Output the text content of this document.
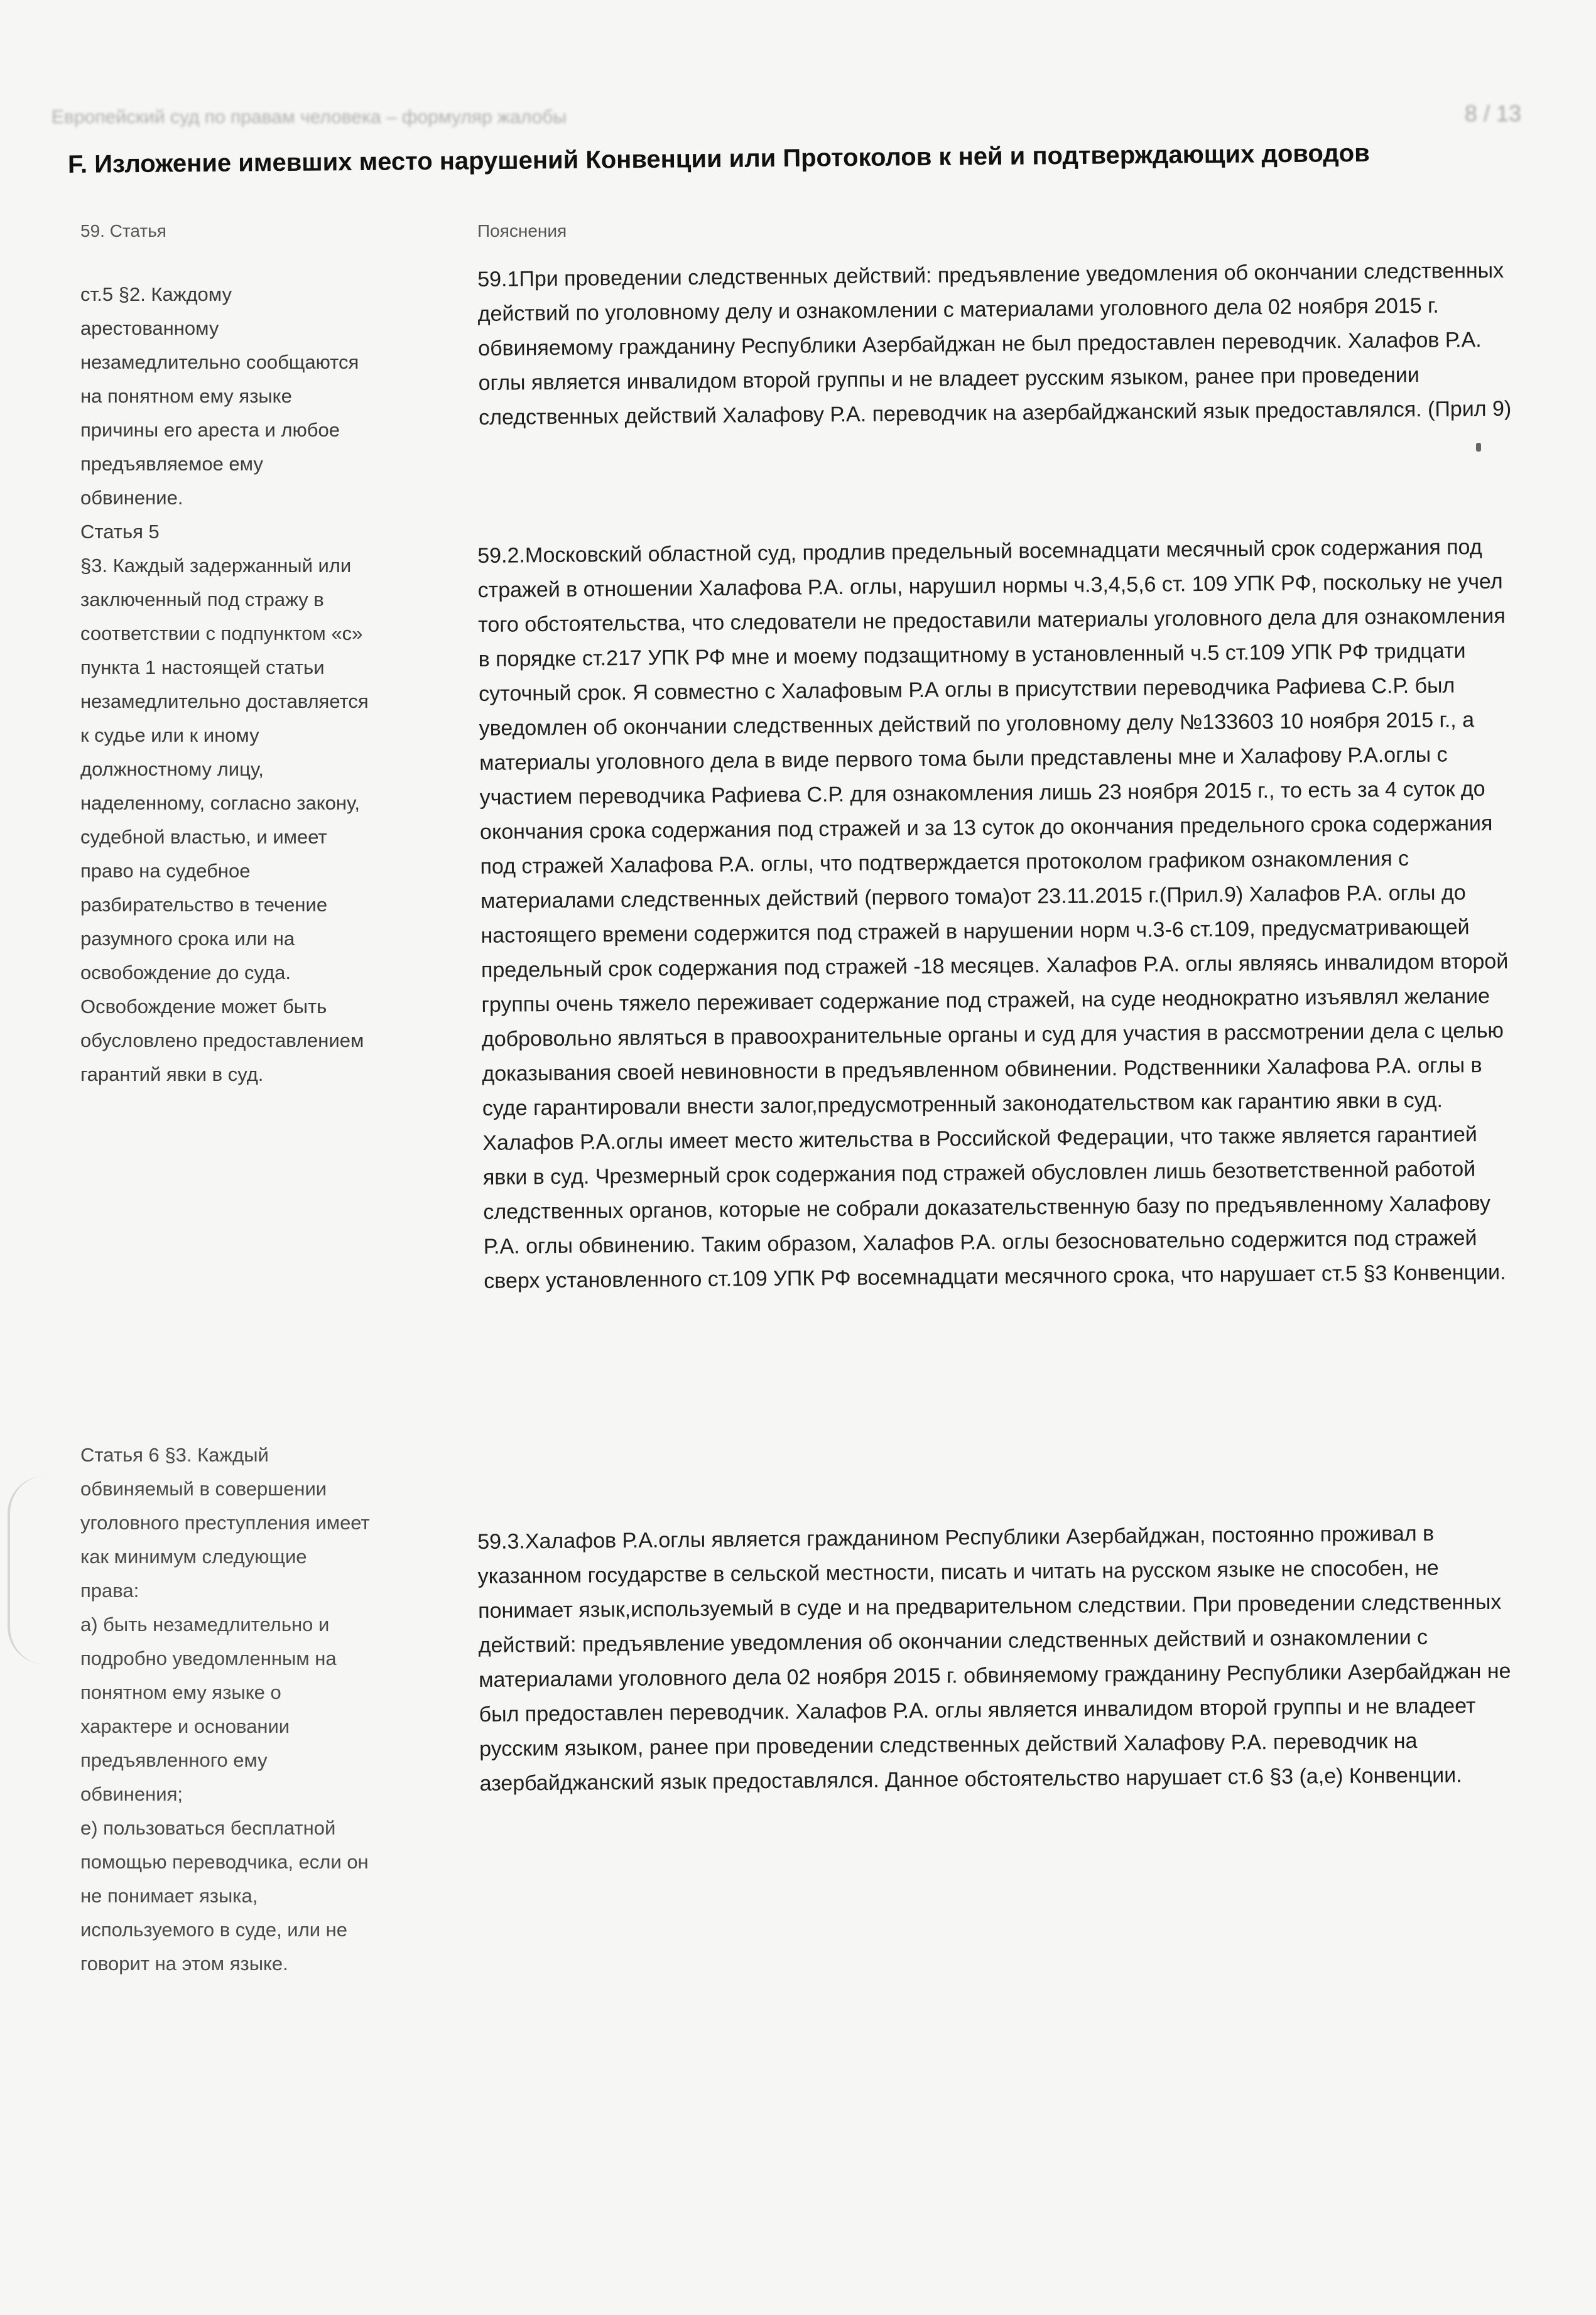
Европейский суд по правам человека – формуляр жалобы	8 / 13
F. Изложение имевших место нарушений Конвенции или Протоколов к ней и подтверждающих доводов
59. Статья	Пояснения
ст.5 §2. Каждому
арестованному
незамедлительно сообщаются
на понятном ему языке
причины его ареста и любое
предъявляемое ему
обвинение.
Статья 5
§3. Каждый задержанный или
заключенный под стражу в
соответствии с подпунктом «с»
пункта 1 настоящей статьи
незамедлительно доставляется
к судье или к иному
должностному лицу,
наделенному, согласно закону,
судебной властью, и имеет
право на судебное
разбирательство в течение
разумного срока или на
освобождение до суда.
Освобождение может быть
обусловлено предоставлением
гарантий явки в суд.
Статья 6 §3. Каждый
обвиняемый в совершении
уголовного преступления имеет
как минимум следующие
права:
a) быть незамедлительно и
подробно уведомленным на
понятном ему языке о
характере и основании
предъявленного ему
обвинения;
e) пользоваться бесплатной
помощью переводчика, если он
не понимает языка,
используемого в суде, или не
говорит на этом языке.

59.1При проведении следственных действий: предъявление уведомления об окончании следственных действий по уголовному делу и ознакомлении с материалами уголовного дела 02 ноября 2015 г. обвиняемому гражданину Республики Азербайджан не был предоставлен переводчик. Халафов Р.А. оглы является инвалидом второй группы и не владеет русским языком, ранее при проведении следственных действий Халафову Р.А. переводчик на азербайджанский язык предоставлялся. (Прил 9)

59.2.Московский областной суд, продлив предельный восемнадцати месячный срок содержания под стражей в отношении Халафова Р.А. оглы, нарушил нормы ч.3,4,5,6 ст. 109 УПК РФ, поскольку не учел того обстоятельства, что следователи не предоставили материалы уголовного дела для ознакомления в порядке ст.217 УПК РФ мне и моему подзащитному в установленный ч.5 ст.109 УПК РФ тридцати суточный срок. Я совместно с Халафовым Р.А оглы в присутствии переводчика Рафиева С.Р. был уведомлен об окончании следственных действий по уголовному делу №133603 10 ноября 2015 г., а материалы уголовного дела в виде первого тома были представлены мне и Халафову Р.А.оглы с участием переводчика Рафиева С.Р. для ознакомления лишь 23 ноября 2015 г., то есть за 4 суток до окончания срока содержания под стражей и за 13 суток до окончания предельного срока содержания под стражей Халафова Р.А. оглы, что подтверждается протоколом графиком ознакомления с материалами следственных действий (первого тома)от 23.11.2015 г.(Прил.9) Халафов Р.А. оглы до настоящего времени содержится под стражей в нарушении норм ч.3-6 ст.109, предусматривающей предельный срок содержания под стражей -18 месяцев. Халафов Р.А. оглы являясь инвалидом второй группы очень тяжело переживает содержание под стражей, на суде неоднократно изъявлял желание добровольно являться в правоохранительные органы и суд для участия в рассмотрении дела с целью доказывания своей невиновности в предъявленном обвинении. Родственники Халафова Р.А. оглы в суде гарантировали внести залог,предусмотренный законодательством как гарантию явки в суд. Халафов Р.А.оглы имеет место жительства в Российской Федерации, что также является гарантией явки в суд. Чрезмерный срок содержания под стражей обусловлен лишь безответственной работой следственных органов, которые не собрали доказательственную базу по предъявленному Халафову Р.А. оглы обвинению. Таким образом, Халафов Р.А. оглы безосновательно содержится под стражей сверх установленного ст.109 УПК РФ восемнадцати месячного срока, что нарушает ст.5 §3 Конвенции.

59.3.Халафов Р.А.оглы является гражданином Республики Азербайджан, постоянно проживал в указанном государстве в сельской местности, писать и читать на русском языке не способен, не понимает язык,используемый в суде и на предварительном следствии. При проведении следственных действий: предъявление уведомления об окончании следственных действий и ознакомлении с материалами уголовного дела 02 ноября 2015 г. обвиняемому гражданину Республики Азербайджан не был предоставлен переводчик. Халафов Р.А. оглы является инвалидом второй группы и не владеет русским языком, ранее при проведении следственных действий Халафову Р.А. переводчик на азербайджанский язык предоставлялся. Данное обстоятельство нарушает ст.6 §3 (a,e) Конвенции.
